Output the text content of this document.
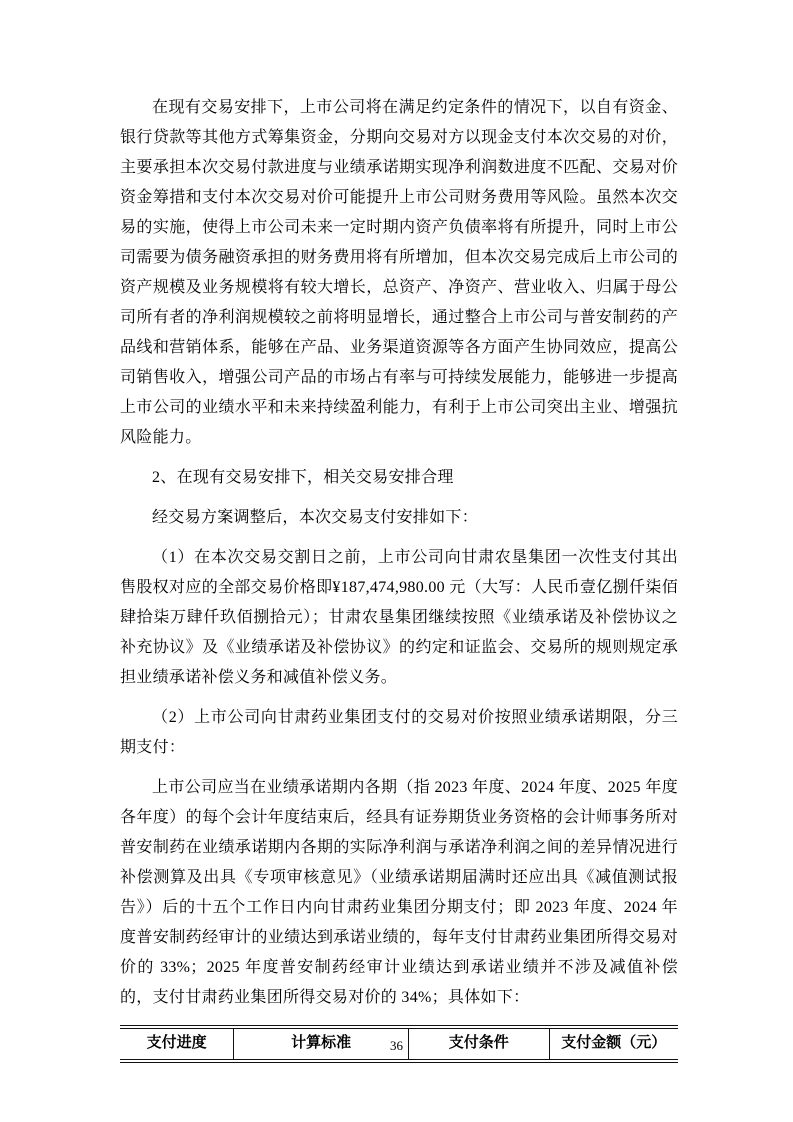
在现有交易安排下，上市公司将在满足约定条件的情况下，以自有资金、银行贷款等其他方式筹集资金，分期向交易对方以现金支付本次交易的对价，主要承担本次交易付款进度与业绩承诺期实现净利润数进度不匹配、交易对价资金筹措和支付本次交易对价可能提升上市公司财务费用等风险。虽然本次交易的实施，使得上市公司未来一定时期内资产负债率将有所提升，同时上市公司需要为债务融资承担的财务费用将有所增加，但本次交易完成后上市公司的资产规模及业务规模将有较大增长，总资产、净资产、营业收入、归属于母公司所有者的净利润规模较之前将明显增长，通过整合上市公司与普安制药的产品线和营销体系，能够在产品、业务渠道资源等各方面产生协同效应，提高公司销售收入，增强公司产品的市场占有率与可持续发展能力，能够进一步提高上市公司的业绩水平和未来持续盈利能力，有利于上市公司突出主业、增强抗风险能力。

2、在现有交易安排下，相关交易安排合理

经交易方案调整后，本次交易支付安排如下：

（1）在本次交易交割日之前，上市公司向甘肃农垦集团一次性支付其出售股权对应的全部交易价格即¥187,474,980.00 元（大写：人民币壹亿捌仟柒佰肆拾柒万肆仟玖佰捌拾元）；甘肃农垦集团继续按照《业绩承诺及补偿协议之补充协议》及《业绩承诺及补偿协议》的约定和证监会、交易所的规则规定承担业绩承诺补偿义务和减值补偿义务。

（2）上市公司向甘肃药业集团支付的交易对价按照业绩承诺期限，分三期支付：

上市公司应当在业绩承诺期内各期（指 2023 年度、2024 年度、2025 年度各年度）的每个会计年度结束后，经具有证券期货业务资格的会计师事务所对普安制药在业绩承诺期内各期的实际净利润与承诺净利润之间的差异情况进行补偿测算及出具《专项审核意见》（业绩承诺期届满时还应出具《减值测试报告》）后的十五个工作日内向甘肃药业集团分期支付；即 2023 年度、2024 年度普安制药经审计的业绩达到承诺业绩的，每年支付甘肃药业集团所得交易对价的 33%；2025 年度普安制药经审计业绩达到承诺业绩并不涉及减值补偿的，支付甘肃药业集团所得交易对价的 34%；具体如下：

支付进度	计算标准	支付条件	支付金额（元）
36
